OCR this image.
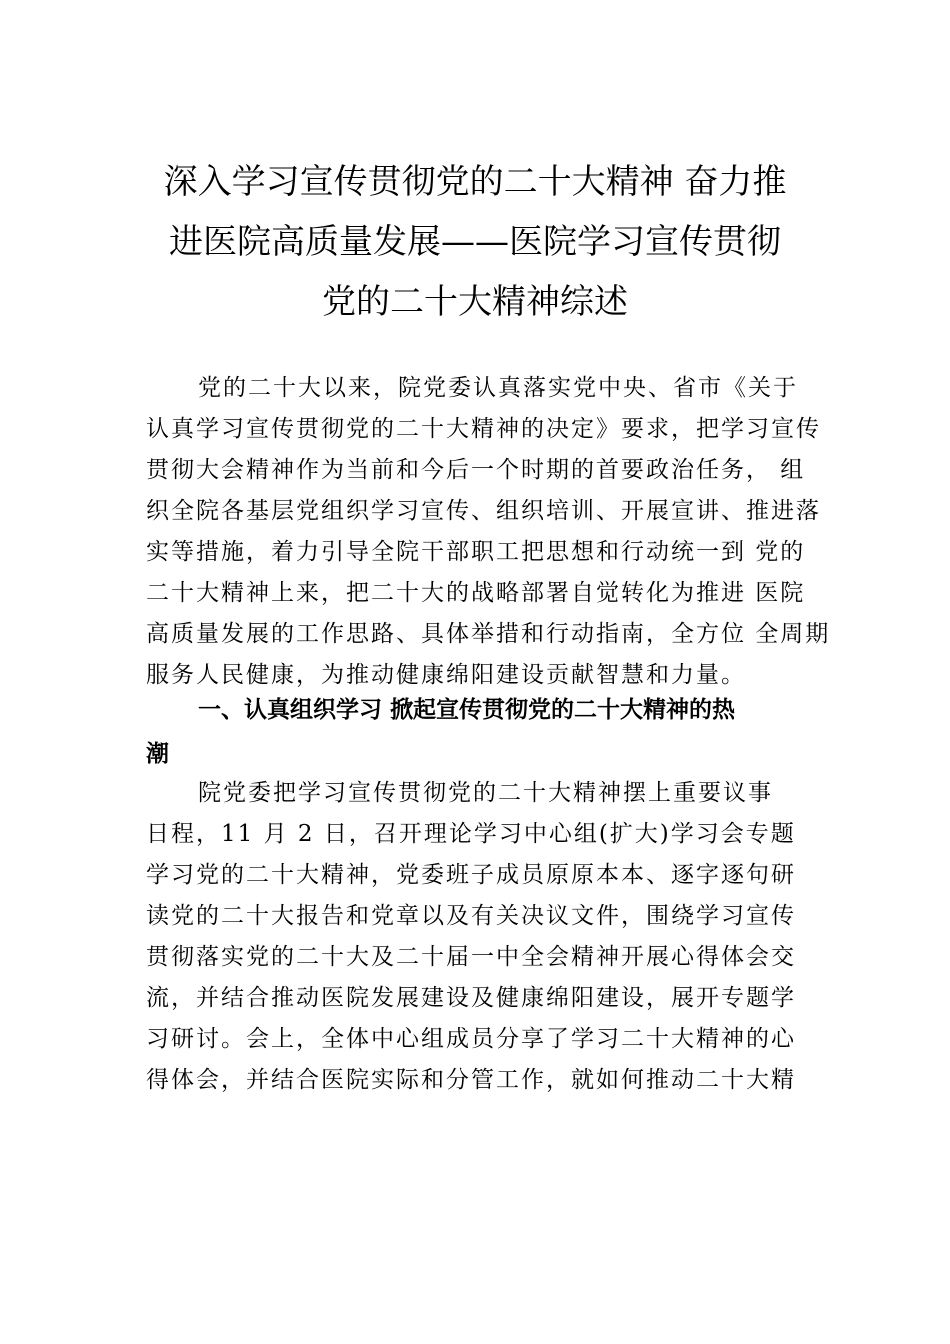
深入学习宣传贯彻党的二十大精神 奋力推
进医院高质量发展——医院学习宣传贯彻
党的二十大精神综述
党的二十大以来，院党委认真落实党中央、省市《关于
认真学习宣传贯彻党的二十大精神的决定》要求，把学习宣传
贯彻大会精神作为当前和今后一个时期的首要政治任务， 组
织全院各基层党组织学习宣传、组织培训、开展宣讲、推进落
实等措施，着力引导全院干部职工把思想和行动统一到 党的
二十大精神上来，把二十大的战略部署自觉转化为推进 医院
高质量发展的工作思路、具体举措和行动指南，全方位 全周期
服务人民健康，为推动健康绵阳建设贡献智慧和力量。
一、认真组织学习 掀起宣传贯彻党的二十大精神的热
潮
院党委把学习宣传贯彻党的二十大精神摆上重要议事
日程，11 月 2 日，召开理论学习中心组(扩大)学习会专题
学习党的二十大精神，党委班子成员原原本本、逐字逐句研
读党的二十大报告和党章以及有关决议文件，围绕学习宣传
贯彻落实党的二十大及二十届一中全会精神开展心得体会交
流，并结合推动医院发展建设及健康绵阳建设，展开专题学
习研讨。会上，全体中心组成员分享了学习二十大精神的心
得体会，并结合医院实际和分管工作，就如何推动二十大精
